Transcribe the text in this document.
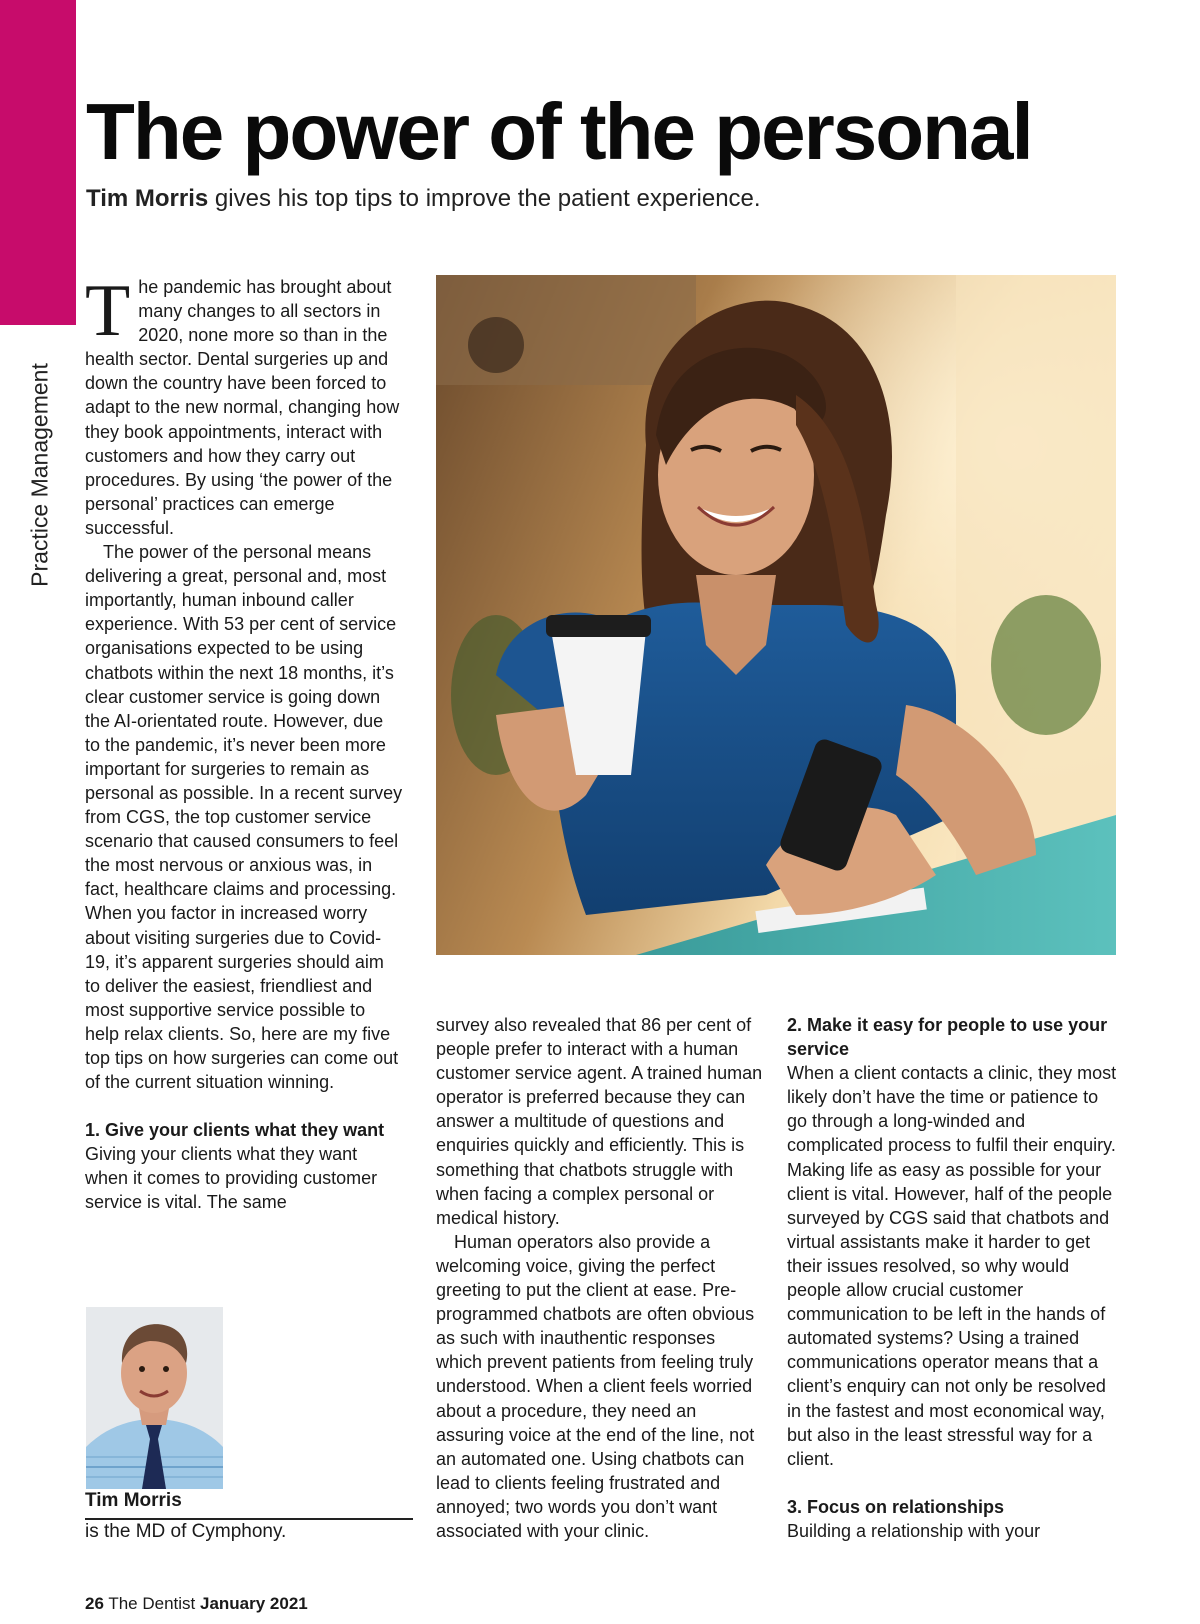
Practice Management
The power of the personal
Tim Morris gives his top tips to improve the patient experience.

The pandemic has brought about many changes to all sectors in 2020, none more so than in the health sector. Dental surgeries up and down the country have been forced to adapt to the new normal, changing how they book appointments, interact with customers and how they carry out procedures. By using ‘the power of the personal’ practices can emerge successful.

The power of the personal means delivering a great, personal and, most importantly, human inbound caller experience. With 53 per cent of service organisations expected to be using chatbots within the next 18 months, it’s clear customer service is going down the AI-orientated route. However, due to the pandemic, it’s never been more important for surgeries to remain as personal as possible. In a recent survey from CGS, the top customer service scenario that caused consumers to feel the most nervous or anxious was, in fact, healthcare claims and processing. When you factor in increased worry about visiting surgeries due to Covid-19, it’s apparent surgeries should aim to deliver the easiest, friendliest and most supportive service possible to help relax clients. So, here are my five top tips on how surgeries can come out of the current situation winning.

1. Give your clients what they want

Giving your clients what they want when it comes to providing customer service is vital. The same

Tim Morris
is the MD of Cymphony.

survey also revealed that 86 per cent of people prefer to interact with a human customer service agent. A trained human operator is preferred because they can answer a multitude of questions and enquiries quickly and efficiently. This is something that chatbots struggle with when facing a complex personal or medical history.

Human operators also provide a welcoming voice, giving the perfect greeting to put the client at ease. Pre-programmed chatbots are often obvious as such with inauthentic responses which prevent patients from feeling truly understood. When a client feels worried about a procedure, they need an assuring voice at the end of the line, not an automated one. Using chatbots can lead to clients feeling frustrated and annoyed; two words you don’t want associated with your clinic.

2. Make it easy for people to use your service

When a client contacts a clinic, they most likely don’t have the time or patience to go through a long-winded and complicated process to fulfil their enquiry. Making life as easy as possible for your client is vital. However, half of the people surveyed by CGS said that chatbots and virtual assistants make it harder to get their issues resolved, so why would people allow crucial customer communication to be left in the hands of automated systems? Using a trained communications operator means that a client’s enquiry can not only be resolved in the fastest and most economical way, but also in the least stressful way for a client.

3. Focus on relationships

Building a relationship with your

26 The Dentist January 2021
